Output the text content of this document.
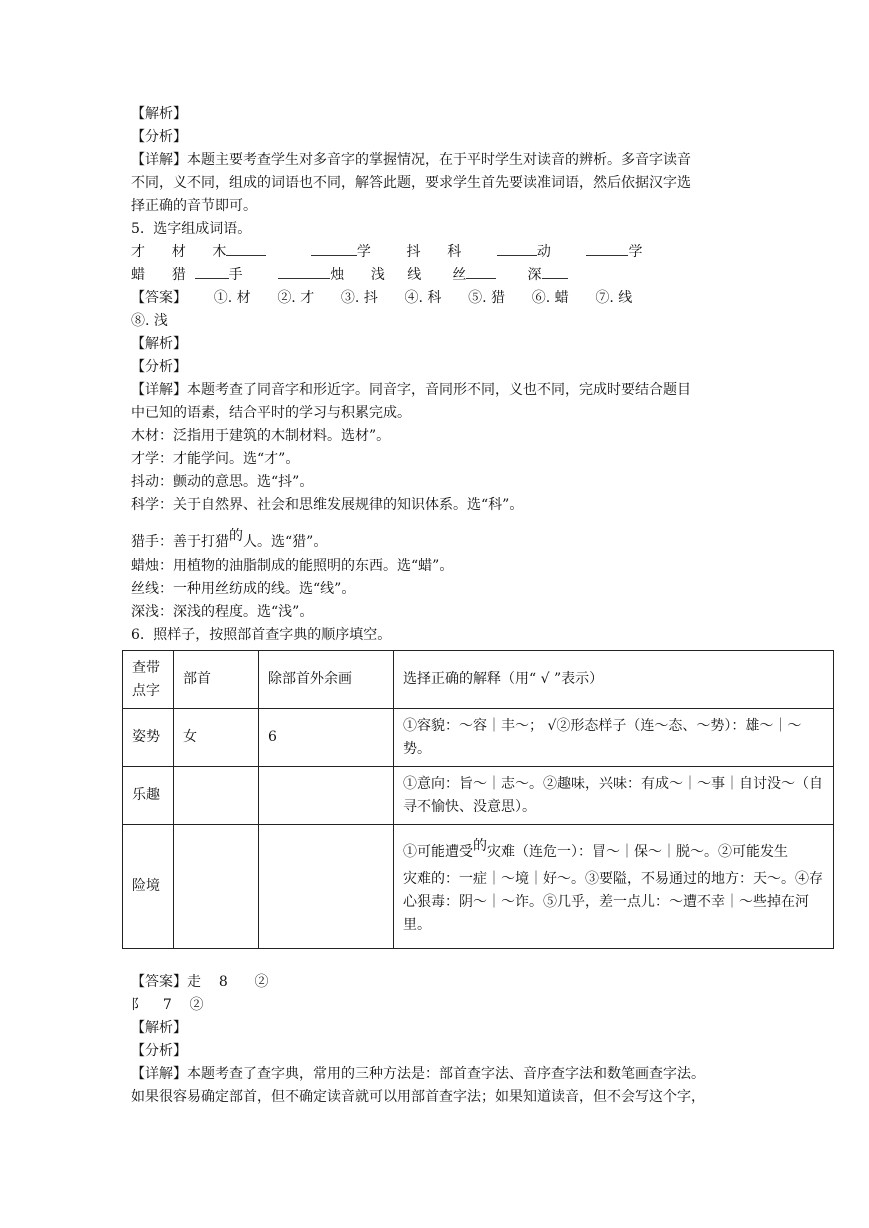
【解析】
【分析】
【详解】本题主要考查学生对多音字的掌握情况，在于平时学生对读音的辨析。多音字读音
不同，义不同，组成的词语也不同，解答此题，要求学生首先要读准词语，然后依据汉字选
择正确的音节即可。
5.  选字组成词语。
才 材 木	学	抖 科	动	学
蜡 猎	手	烛 浅 线 丝	深
【答案】 ①. 材 ②. 才 ③. 抖 ④. 科 ⑤. 猎 ⑥. 蜡 ⑦. 线
⑧. 浅
【解析】
【分析】
【详解】本题考查了同音字和形近字。同音字，音同形不同，义也不同，完成时要结合题目
中已知的语素，结合平时的学习与积累完成。
木材：泛指用于建筑的木制材料。选材”。
才学：才能学问。选“才”。
抖动：颤动的意思。选“抖”。
科学：关于自然界、社会和思维发展规律的知识体系。选“科”。
猎手：善于打猎的人。选“猎”。
蜡烛：用植物的油脂制成的能照明的东西。选“蜡”。
丝线：一种用丝纺成的线。选“线”。
深浅：深浅的程度。选“浅”。
6.  照样子，按照部首查字典的顺序填空。
查带点字	部首	除部首外余画	选择正确的解释（用“ √ ”表示）
姿势	女	6	①容貌：～容｜丰～； √②形态样子（连～态、～势）：雄～｜～势。
乐趣			①意向：旨～｜志～。②趣味，兴味：有成～｜～事｜自讨没～（自寻不愉快、没意思）。
险境			①可能遭受的灾难（连危一）：冒～｜保～｜脱～。②可能发生
灾难的：一症｜～境｜好～。③要隘，不易通过的地方：天～。④存心狠毒：阴～｜～诈。⑤几乎，差一点儿：～遭不幸｜～些掉在河里。
【答案】走 8 ②
阝 7 ②
【解析】
【分析】
【详解】本题考查了查字典，常用的三种方法是：部首查字法、音序查字法和数笔画查字法。
如果很容易确定部首，但不确定读音就可以用部首查字法；如果知道读音，但不会写这个字，
